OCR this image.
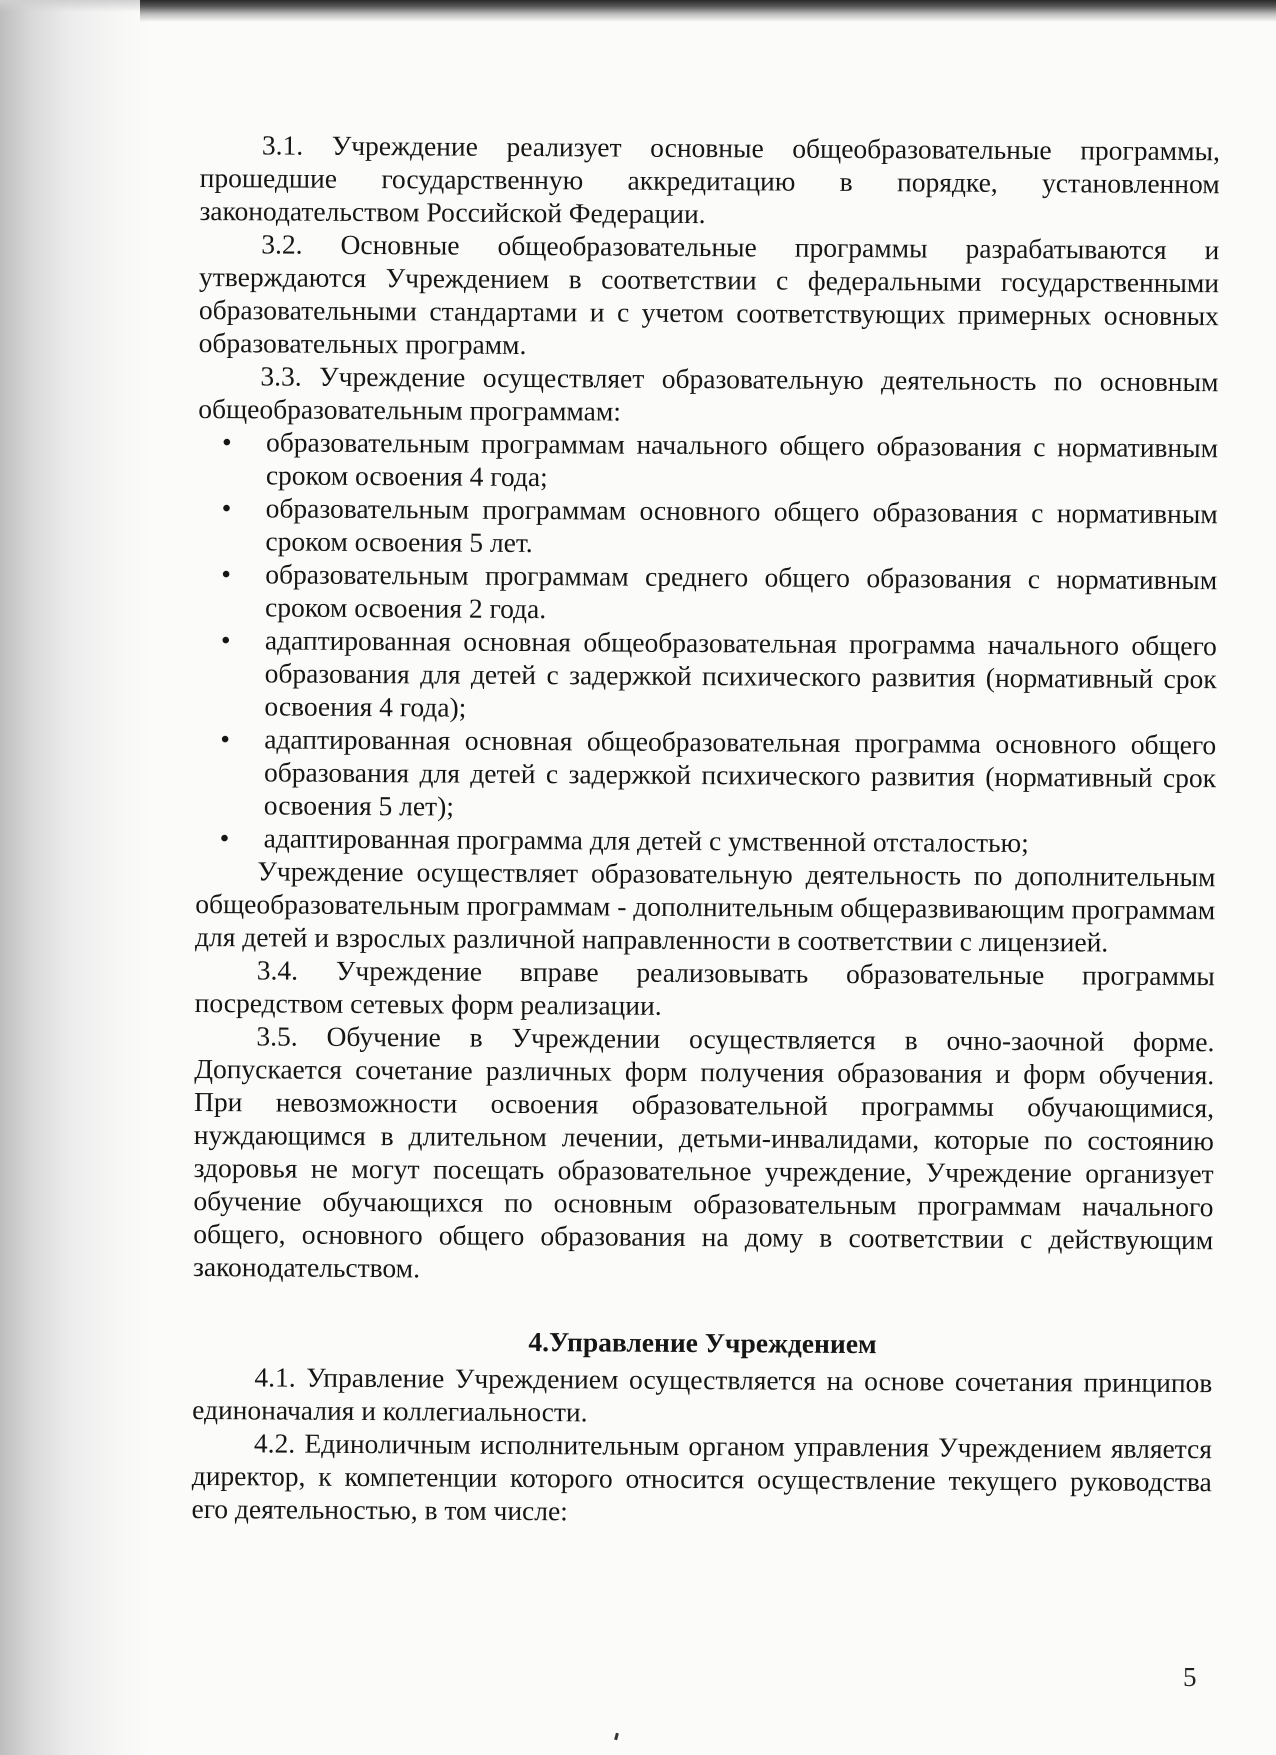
3.1. Учреждение реализует основные общеобразовательные программы, прошедшие государственную аккредитацию в порядке, установленном законодательством Российской Федерации.

3.2. Основные общеобразовательные программы разрабатываются и утверждаются Учреждением в соответствии с федеральными государственными образовательными стандартами и с учетом соответствующих примерных основных образовательных программ.

3.3. Учреждение осуществляет образовательную деятельность по основным общеобразовательным программам:

• образовательным программам начального общего образования с нормативным сроком освоения 4 года;
• образовательным программам основного общего образования с нормативным сроком освоения 5 лет.
• образовательным программам среднего общего образования с нормативным сроком освоения 2 года.
• адаптированная основная общеобразовательная программа начального общего образования для детей с задержкой психического развития (нормативный срок освоения 4 года);
• адаптированная основная общеобразовательная программа основного общего образования для детей с задержкой психического развития (нормативный срок освоения 5 лет);
• адаптированная программа для детей с умственной отсталостью;

Учреждение осуществляет образовательную деятельность по дополнительным общеобразовательным программам - дополнительным общеразвивающим программам для детей и взрослых различной направленности в соответствии с лицензией.

3.4. Учреждение вправе реализовывать образовательные программы посредством сетевых форм реализации.

3.5. Обучение в Учреждении осуществляется в очно-заочной форме. Допускается сочетание различных форм получения образования и форм обучения. При невозможности освоения образовательной программы обучающимися, нуждающимся в длительном лечении, детьми-инвалидами, которые по состоянию здоровья не могут посещать образовательное учреждение, Учреждение организует обучение обучающихся по основным образовательным программам начального общего, основного общего образования на дому в соответствии с действующим законодательством.

4.Управление Учреждением

4.1. Управление Учреждением осуществляется на основе сочетания принципов единоначалия и коллегиальности.

4.2. Единоличным исполнительным органом управления Учреждением является директор, к компетенции которого относится осуществление текущего руководства его деятельностью, в том числе:

5
